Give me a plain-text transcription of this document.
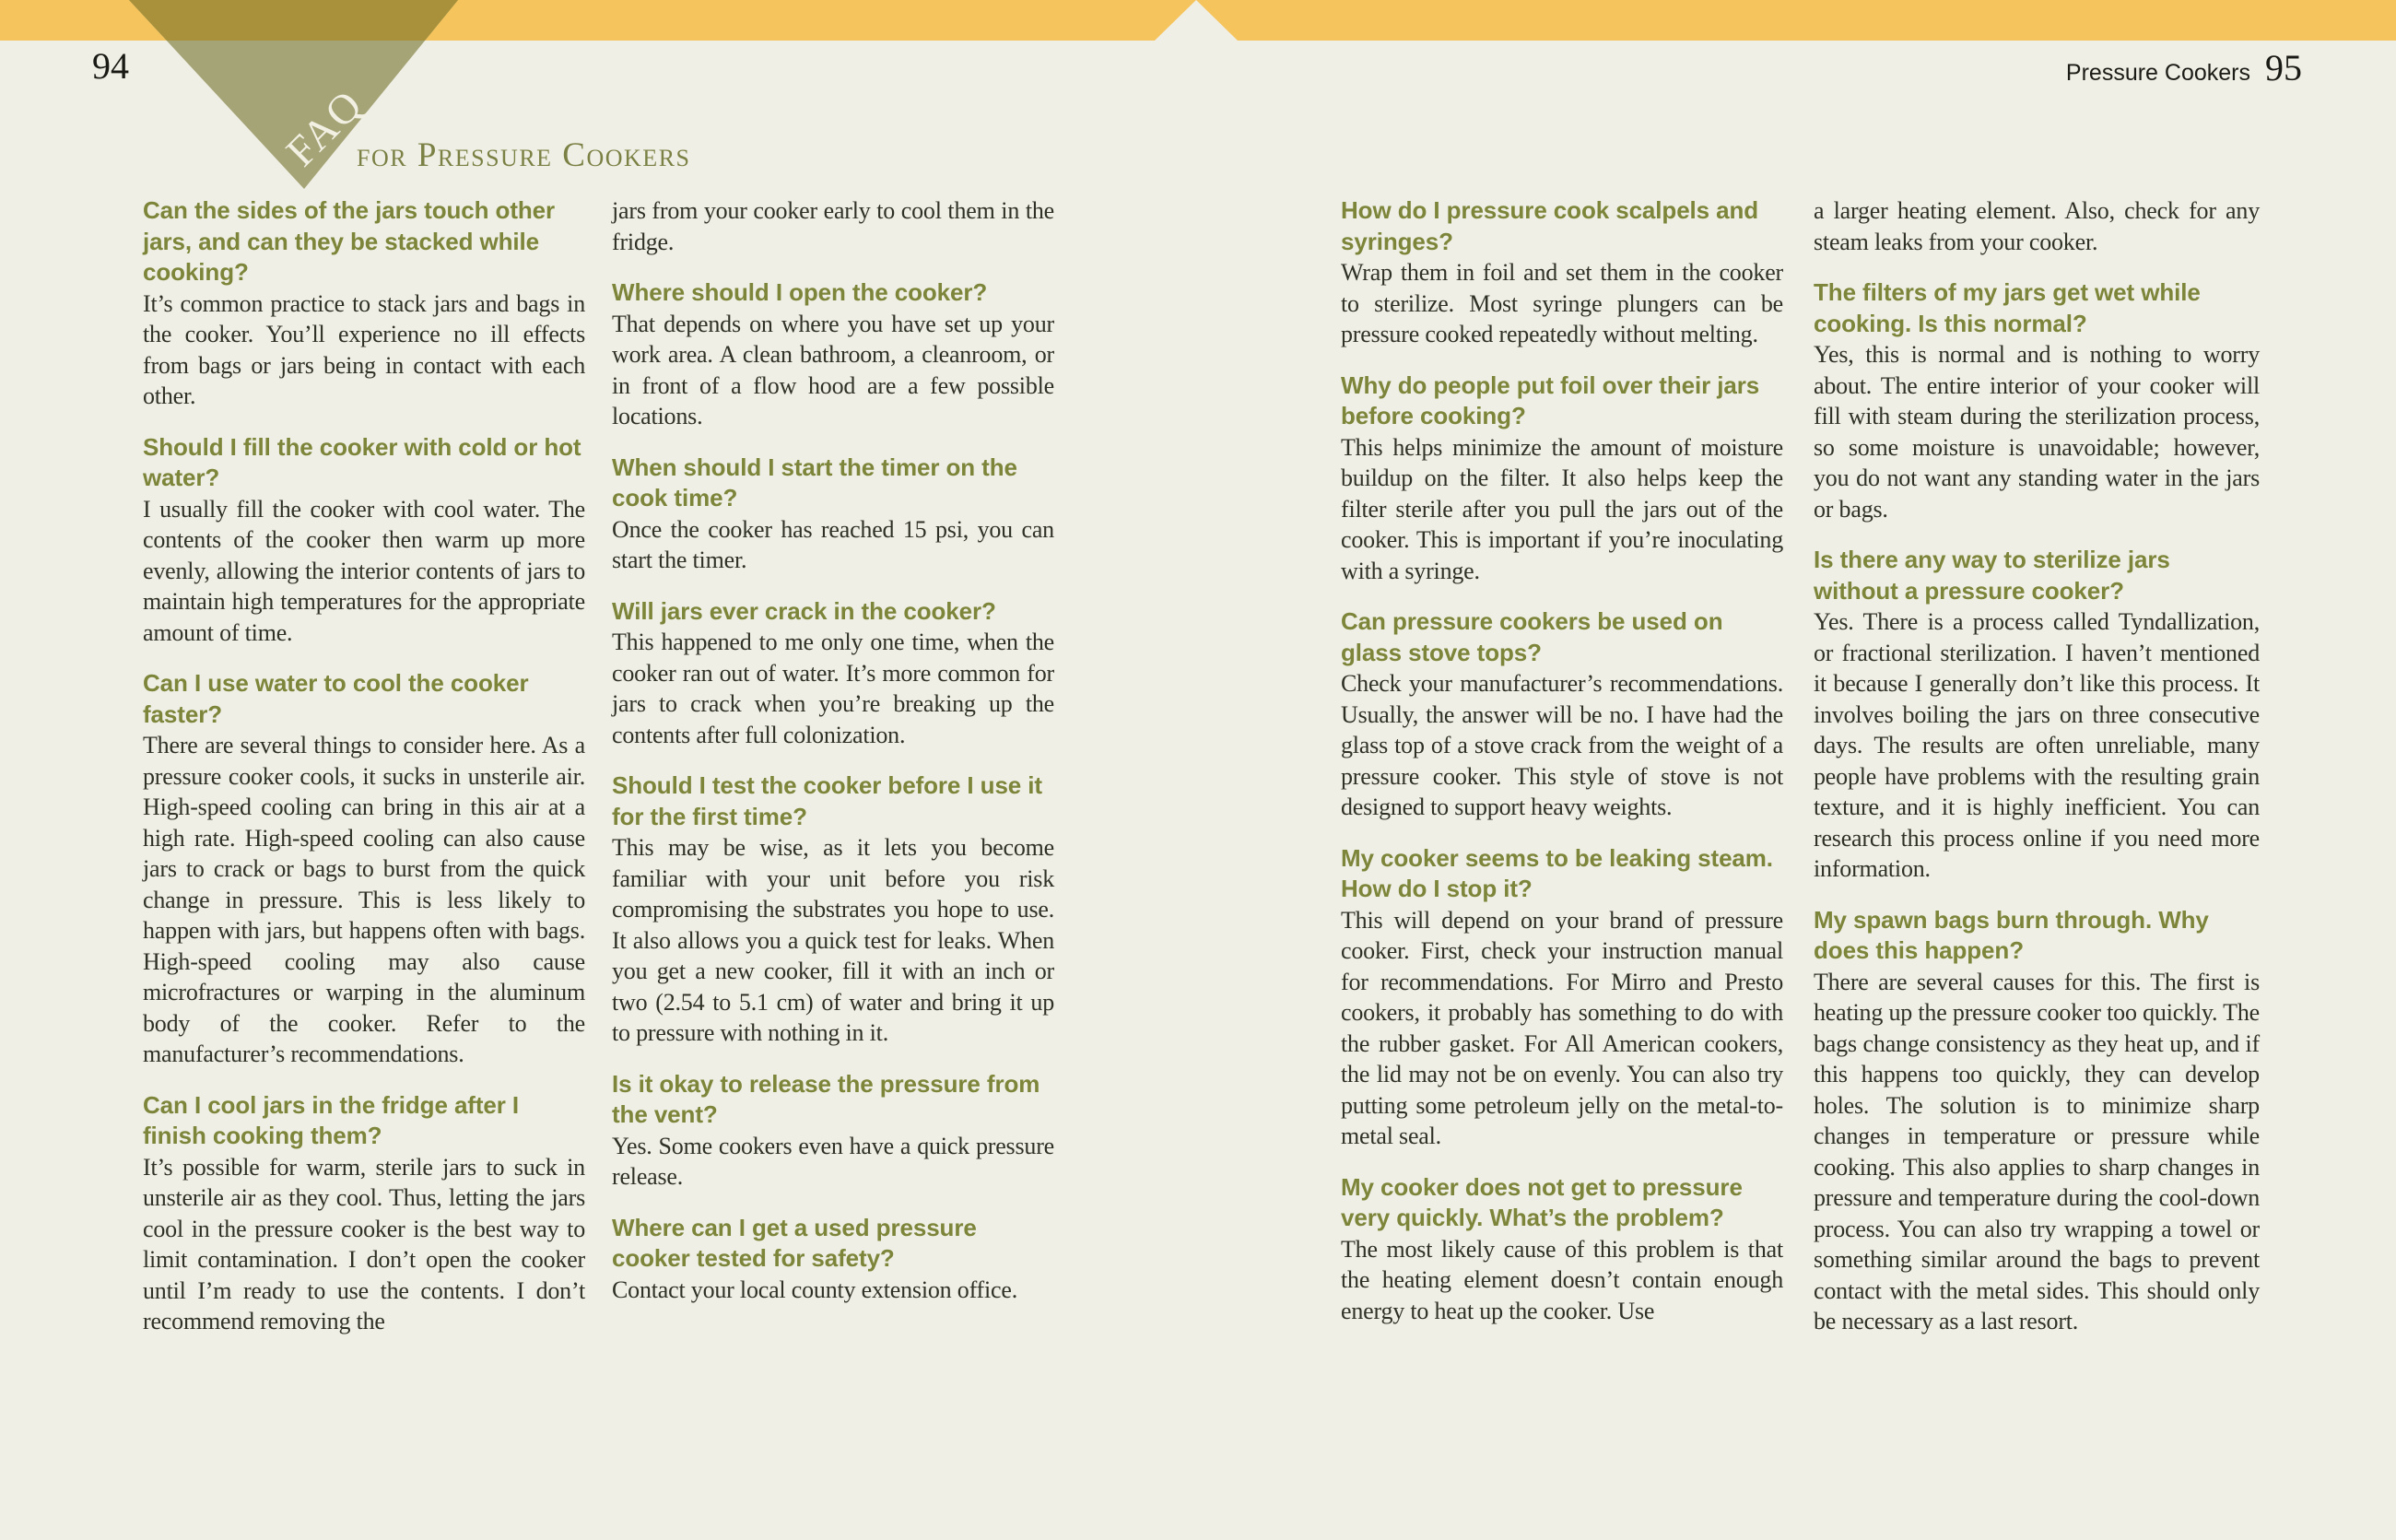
FAQ
for Pressure Cookers
94	Pressure Cookers 95
Can the sides of the jars touch other jars, and can they be stacked while cooking?
It’s common practice to stack jars and bags in the cooker. You’ll experience no ill effects from bags or jars being in contact with each other.
Should I fill the cooker with cold or hot water?
I usually fill the cooker with cool water. The contents of the cooker then warm up more evenly, allowing the interior contents of jars to maintain high temperatures for the appropriate amount of time.
Can I use water to cool the cooker faster?
There are several things to consider here. As a pressure cooker cools, it sucks in unsterile air. High-speed cooling can bring in this air at a high rate. High-speed cooling can also cause jars to crack or bags to burst from the quick change in pressure. This is less likely to happen with jars, but happens often with bags. High-speed cooling may also cause microfractures or warping in the aluminum body of the cooker. Refer to the manufacturer’s recommendations.
Can I cool jars in the fridge after I finish cooking them?
It’s possible for warm, sterile jars to suck in unsterile air as they cool. Thus, letting the jars cool in the pressure cooker is the best way to limit contamination. I don’t open the cooker until I’m ready to use the contents. I don’t recommend removing the
jars from your cooker early to cool them in the fridge.
Where should I open the cooker?
That depends on where you have set up your work area. A clean bathroom, a cleanroom, or in front of a flow hood are a few possible locations.
When should I start the timer on the cook time?
Once the cooker has reached 15 psi, you can start the timer.
Will jars ever crack in the cooker?
This happened to me only one time, when the cooker ran out of water. It’s more common for jars to crack when you’re breaking up the contents after full colonization.
Should I test the cooker before I use it for the first time?
This may be wise, as it lets you become familiar with your unit before you risk compromising the substrates you hope to use. It also allows you a quick test for leaks. When you get a new cooker, fill it with an inch or two (2.54 to 5.1 cm) of water and bring it up to pressure with nothing in it.
Is it okay to release the pressure from the vent?
Yes. Some cookers even have a quick pressure release.
Where can I get a used pressure cooker tested for safety?
Contact your local county extension office.
How do I pressure cook scalpels and syringes?
Wrap them in foil and set them in the cooker to sterilize. Most syringe plungers can be pressure cooked repeatedly without melting.
Why do people put foil over their jars before cooking?
This helps minimize the amount of moisture buildup on the filter. It also helps keep the filter sterile after you pull the jars out of the cooker. This is important if you’re inoculating with a syringe.
Can pressure cookers be used on glass stove tops?
Check your manufacturer’s recommendations. Usually, the answer will be no. I have had the glass top of a stove crack from the weight of a pressure cooker. This style of stove is not designed to support heavy weights.
My cooker seems to be leaking steam. How do I stop it?
This will depend on your brand of pressure cooker. First, check your instruction manual for recommendations. For Mirro and Presto cookers, it probably has something to do with the rubber gasket. For All American cookers, the lid may not be on evenly. You can also try putting some petroleum jelly on the metal-to-metal seal.
My cooker does not get to pressure very quickly. What’s the problem?
The most likely cause of this problem is that the heating element doesn’t contain enough energy to heat up the cooker. Use
a larger heating element. Also, check for any steam leaks from your cooker.
The filters of my jars get wet while cooking. Is this normal?
Yes, this is normal and is nothing to worry about. The entire interior of your cooker will fill with steam during the sterilization process, so some moisture is unavoidable; however, you do not want any standing water in the jars or bags.
Is there any way to sterilize jars without a pressure cooker?
Yes. There is a process called Tyndallization, or fractional sterilization. I haven’t mentioned it because I generally don’t like this process. It involves boiling the jars on three consecutive days. The results are often unreliable, many people have problems with the resulting grain texture, and it is highly inefficient. You can research this process online if you need more information.
My spawn bags burn through. Why does this happen?
There are several causes for this. The first is heating up the pressure cooker too quickly. The bags change consistency as they heat up, and if this happens too quickly, they can develop holes. The solution is to minimize sharp changes in temperature or pressure while cooking. This also applies to sharp changes in pressure and temperature during the cool-down process. You can also try wrapping a towel or something similar around the bags to prevent contact with the metal sides. This should only be necessary as a last resort.
